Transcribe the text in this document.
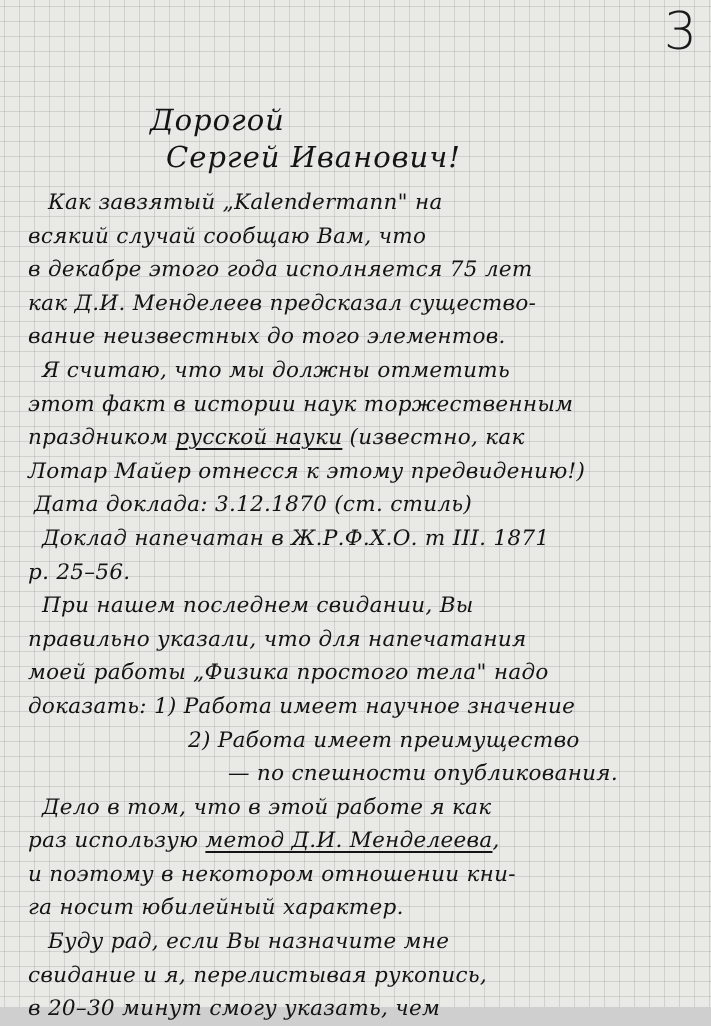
3
Дорогой
Сергей Иванович!
Как завзятый „Kalendermann" на
всякий случай сообщаю Вам, что
в декабре этого года исполняется 75 лет
как Д.И. Менделеев предсказал существо-
вание неизвестных до того элементов.
Я считаю, что мы должны отметить
этот факт в истории наук торжественным
праздником русской науки (известно, как
Лотар Майер отнесся к этому предвидению!)
Дата доклада: 3.12.1870 (ст. стиль)
Доклад напечатан в Ж.Р.Ф.Х.О. т III. 1871
р. 25–56.
При нашем последнем свидании, Вы
правильно указали, что для напечатания
моей работы „Физика простого тела" надо
доказать: 1) Работа имеет научное значение
2) Работа имеет преимущество
— по спешности опубликования.
Дело в том, что в этой работе я как
раз использую метод Д.И. Менделеева,
и поэтому в некотором отношении кни-
га носит юбилейный характер.
Буду рад, если Вы назначите мне
свидание и я, перелистывая рукопись,
в 20–30 минут смогу указать, чем
